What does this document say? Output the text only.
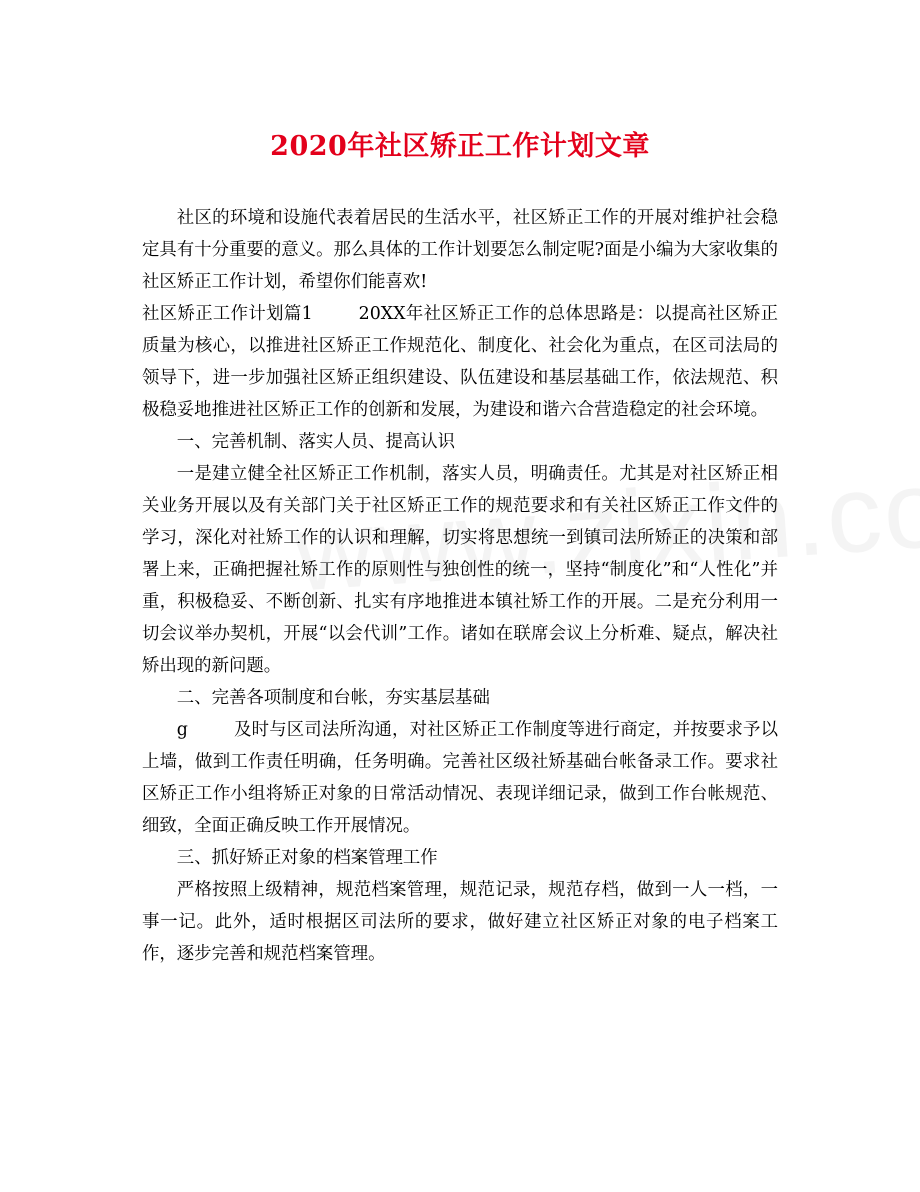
2020年社区矫正工作计划文章

社区的环境和设施代表着居民的生活水平，社区矫正工作的开展对维护社会稳定具有十分重要的意义。那么具体的工作计划要怎么制定呢?面是小编为大家收集的社区矫正工作计划，希望你们能喜欢!

社区矫正工作计划篇1	20XX年社区矫正工作的总体思路是：以提高社区矫正质量为核心，以推进社区矫正工作规范化、制度化、社会化为重点，在区司法局的领导下，进一步加强社区矫正组织建设、队伍建设和基层基础工作，依法规范、积极稳妥地推进社区矫正工作的创新和发展，为建设和谐六合营造稳定的社会环境。

一、完善机制、落实人员、提高认识

一是建立健全社区矫正工作机制，落实人员，明确责任。尤其是对社区矫正相关业务开展以及有关部门关于社区矫正工作的规范要求和有关社区矫正工作文件的学习，深化对社矫工作的认识和理解，切实将思想统一到镇司法所矫正的决策和部署上来，正确把握社矫工作的原则性与独创性的统一，坚持“制度化”和“人性化”并重，积极稳妥、不断创新、扎实有序地推进本镇社矫工作的开展。二是充分利用一切会议举办契机，开展“以会代训”工作。诸如在联席会议上分析难、疑点，解决社矫出现的新问题。

二、完善各项制度和台帐，夯实基层基础

g	及时与区司法所沟通，对社区矫正工作制度等进行商定，并按要求予以上墙，做到工作责任明确，任务明确。完善社区级社矫基础台帐备录工作。要求社区矫正工作小组将矫正对象的日常活动情况、表现详细记录，做到工作台帐规范、细致，全面正确反映工作开展情况。

三、抓好矫正对象的档案管理工作

严格按照上级精神，规范档案管理，规范记录，规范存档，做到一人一档，一事一记。此外，适时根据区司法所的要求，做好建立社区矫正对象的电子档案工作，逐步完善和规范档案管理。
